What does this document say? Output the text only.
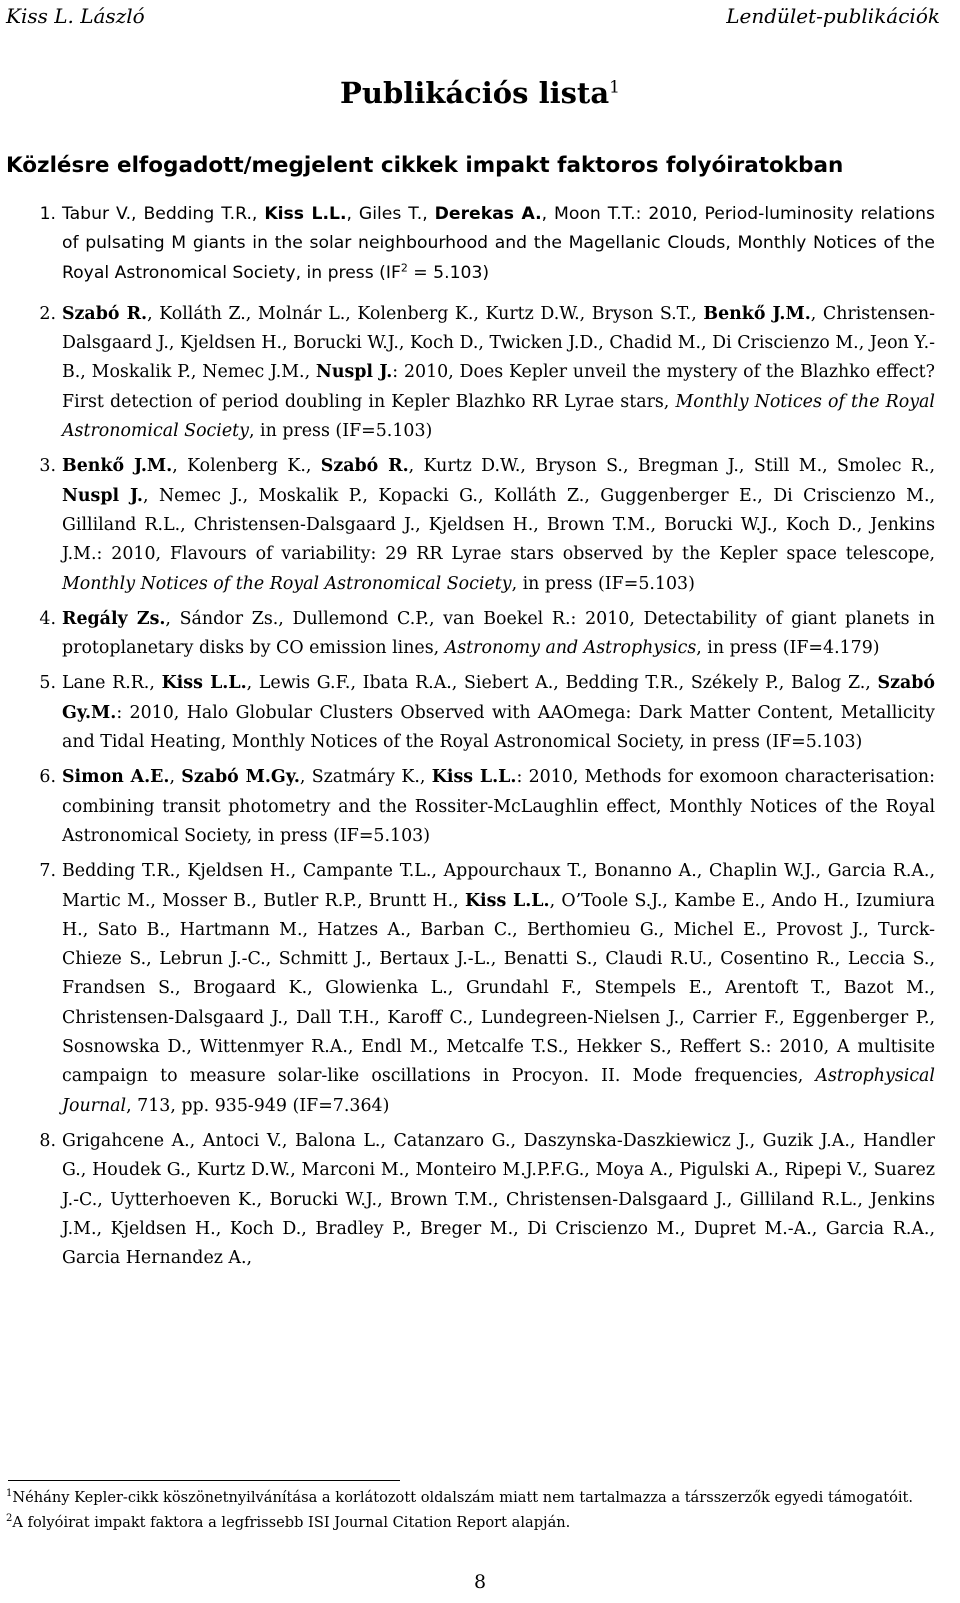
Kiss L. László	Lendület-publikációk
Publikációs lista$^1$
Közlésre elfogadott/megjelent cikkek impakt faktoros folyóiratokban
1. Tabur V., Bedding T.R., Kiss L.L., Giles T., Derekas A., Moon T.T.: 2010, Period-luminosity relations of pulsating M giants in the solar neighbourhood and the Magellanic Clouds, Monthly Notices of the Royal Astronomical Society, in press $(IF^2 = 5.103)$
2. Szabó R., Kolláth Z., Molnár L., Kolenberg K., Kurtz D.W., Bryson S.T., Benkő J.M., Christensen-Dalsgaard J., Kjeldsen H., Borucki W.J., Koch D., Twicken J.D., Chadid M., Di Criscienzo M., Jeon Y.-B., Moskalik P., Nemec J.M., Nuspl J.: 2010, Does Kepler unveil the mystery of the Blazhko effect? First detection of period doubling in Kepler Blazhko RR Lyrae stars, Monthly Notices of the Royal Astronomical Society, in press (IF=5.103)
3. Benkő J.M., Kolenberg K., Szabó R., Kurtz D.W., Bryson S., Bregman J., Still M., Smolec R., Nuspl J., Nemec J., Moskalik P., Kopacki G., Kolláth Z., Guggenberger E., Di Criscienzo M., Gilliland R.L., Christensen-Dalsgaard J., Kjeldsen H., Brown T.M., Borucki W.J., Koch D., Jenkins J.M.: 2010, Flavours of variability: 29 RR Lyrae stars observed by the Kepler space telescope, Monthly Notices of the Royal Astronomical Society, in press (IF=5.103)
4. Regály Zs., Sándor Zs., Dullemond C.P., van Boekel R.: 2010, Detectability of giant planets in protoplanetary disks by CO emission lines, Astronomy and Astrophysics, in press (IF=4.179)
5. Lane R.R., Kiss L.L., Lewis G.F., Ibata R.A., Siebert A., Bedding T.R., Székely P., Balog Z., Szabó Gy.M.: 2010, Halo Globular Clusters Observed with AAOmega: Dark Matter Content, Metallicity and Tidal Heating, Monthly Notices of the Royal Astronomical Society, in press (IF=5.103)
6. Simon A.E., Szabó M.Gy., Szatmáry K., Kiss L.L.: 2010, Methods for exomoon characterisation: combining transit photometry and the Rossiter-McLaughlin effect, Monthly Notices of the Royal Astronomical Society, in press (IF=5.103)
7. Bedding T.R., Kjeldsen H., Campante T.L., Appourchaux T., Bonanno A., Chaplin W.J., Garcia R.A., Martic M., Mosser B., Butler R.P., Bruntt H., Kiss L.L., O’Toole S.J., Kambe E., Ando H., Izumiura H., Sato B., Hartmann M., Hatzes A., Barban C., Berthomieu G., Michel E., Provost J., Turck-Chieze S., Lebrun J.-C., Schmitt J., Bertaux J.-L., Benatti S., Claudi R.U., Cosentino R., Leccia S., Frandsen S., Brogaard K., Glowienka L., Grundahl F., Stempels E., Arentoft T., Bazot M., Christensen-Dalsgaard J., Dall T.H., Karoff C., Lundegreen-Nielsen J., Carrier F., Eggenberger P., Sosnowska D., Wittenmyer R.A., Endl M., Metcalfe T.S., Hekker S., Reffert S.: 2010, A multisite campaign to measure solar-like oscillations in Procyon. II. Mode frequencies, Astrophysical Journal, 713, pp. 935-949 (IF=7.364)
8. Grigahcene A., Antoci V., Balona L., Catanzaro G., Daszynska-Daszkiewicz J., Guzik J.A., Handler G., Houdek G., Kurtz D.W., Marconi M., Monteiro M.J.P.F.G., Moya A., Pigulski A., Ripepi V., Suarez J.-C., Uytterhoeven K., Borucki W.J., Brown T.M., Christensen-Dalsgaard J., Gilliland R.L., Jenkins J.M., Kjeldsen H., Koch D., Bradley P., Breger M., Di Criscienzo M., Dupret M.-A., Garcia R.A., Garcia Hernandez A.,
$^1$Néhány Kepler-cikk köszönetnyilvánítása a korlátozott oldalszám miatt nem tartalmazza a társszerzők egyedi támogatóit.
$^2$A folyóirat impakt faktora a legfrissebb ISI Journal Citation Report alapján.
8
